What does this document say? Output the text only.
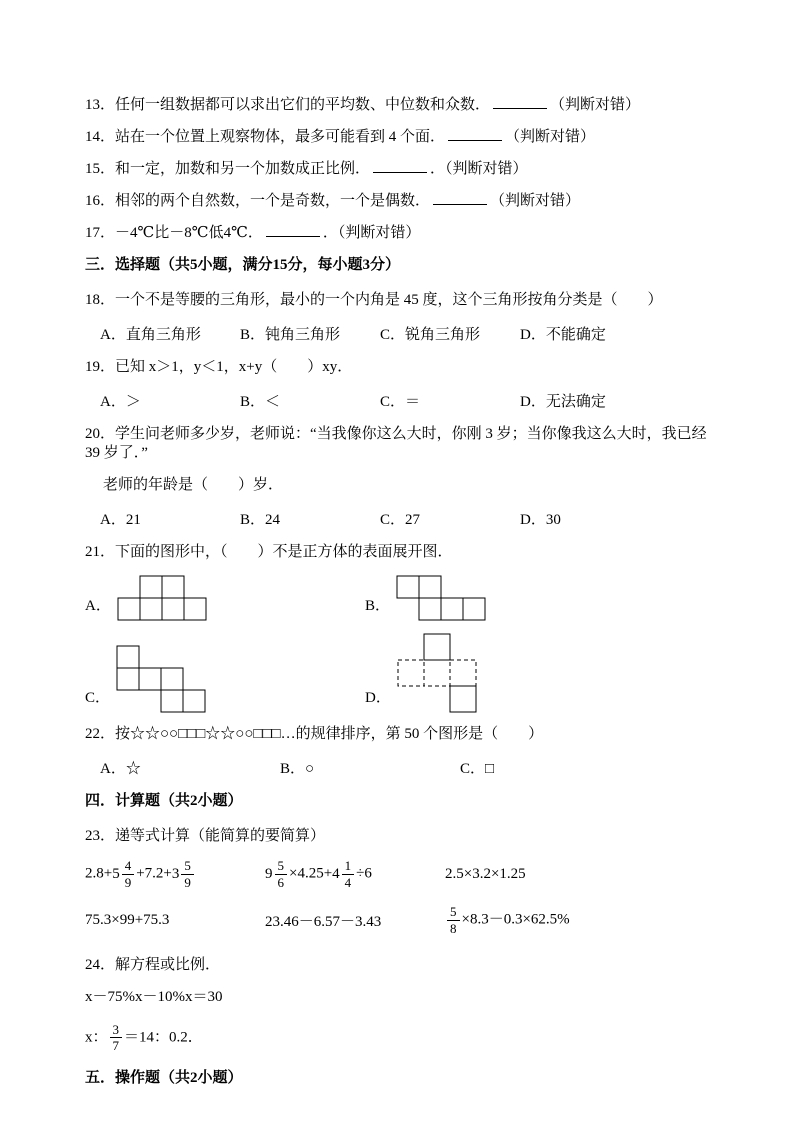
13．任何一组数据都可以求出它们的平均数、中位数和众数．	（判断对错）

14．站在一个位置上观察物体，最多可能看到 4 个面．	（判断对错）

15．和一定，加数和另一个加数成正比例．	．（判断对错）

16．相邻的两个自然数，一个是奇数，一个是偶数．	（判断对错）

17．－4℃比－8℃低4℃．	．（判断对错）

三．选择题（共5小题，满分15分，每小题3分）

18．一个不是等腰的三角形，最小的一个内角是 45 度，这个三角形按角分类是（　　）

A．直角三角形	B．钝角三角形	C．锐角三角形	D．不能确定

19．已知 x＞1，y＜1，x+y（　　）xy．

A．＞	B．＜	C．＝	D．无法确定

20．学生问老师多少岁，老师说：“当我像你这么大时，你刚 3 岁；当你像我这么大时，我已经 39 岁了．”

老师的年龄是（　　）岁．

A．21	B．24	C．27	D．30

21．下面的图形中，（　　）不是正方体的表面展开图．

A．	B．
C．	D．

22．按☆☆○○□□□☆☆○○□□□…的规律排序，第 50 个图形是（　　）

A．☆	B．○	C．□

四．计算题（共2小题）

23．递等式计算（能简算的要简算）

$2.8+5 \frac{4}{9} +7.2+3 \frac{5}{9}$	$9 \frac{5}{6} \times 4.25+4 \frac{1}{4} \div 6$	2.5×3.2×1.25
75.3×99+75.3	23.46－6.57－3.43	$\frac{5}{8} \times 8.3-0.3\times 62.5\%$

24．解方程或比例．

x－75%x－10%x＝30

x： $\frac{3}{7} =14$：0.2．

五．操作题（共2小题）
